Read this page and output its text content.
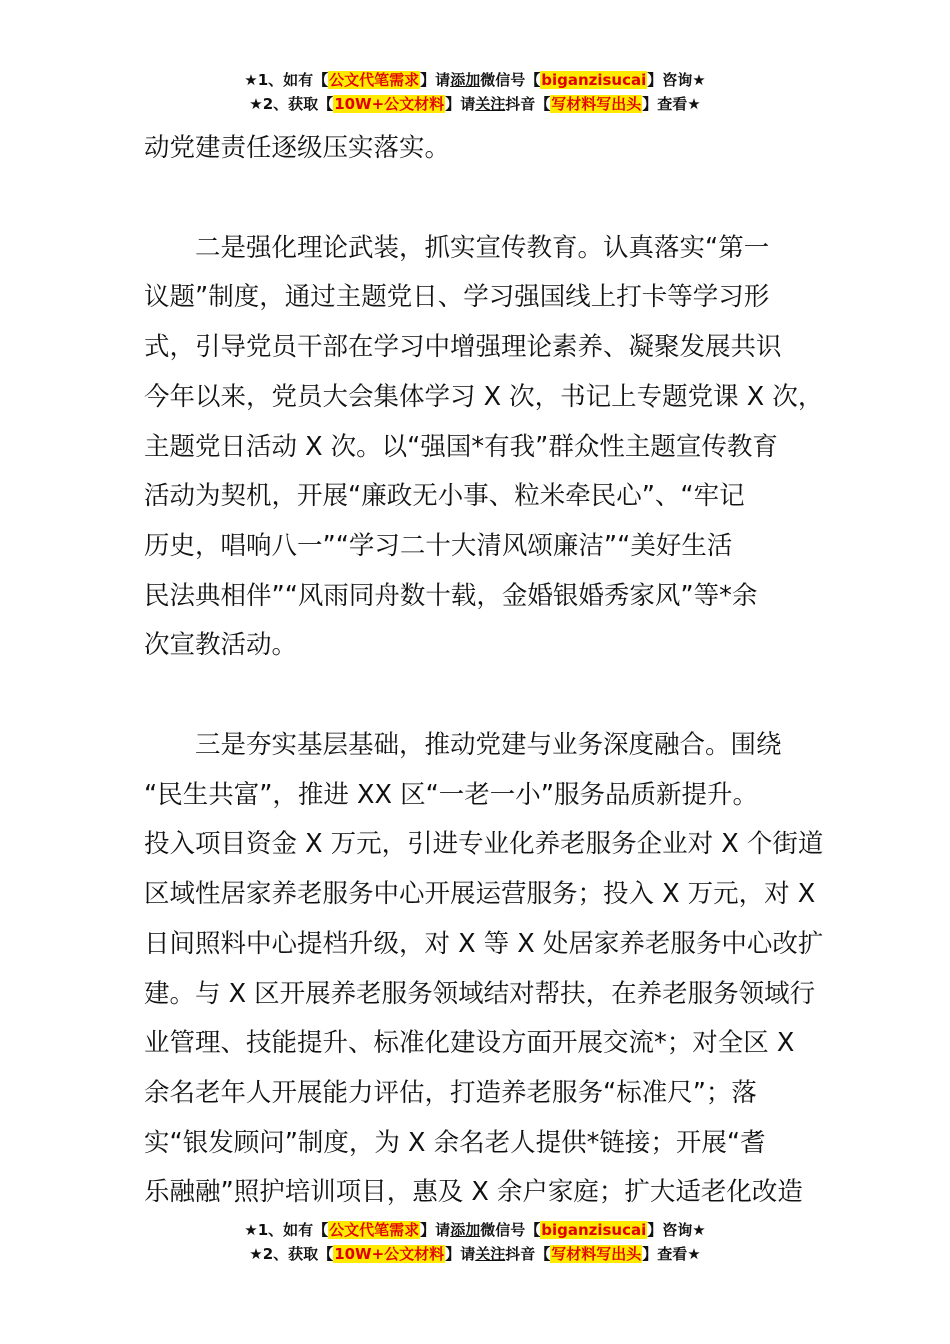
★1、如有【公文代笔需求】请添加微信号【biganzisucai】咨询★
★2、获取【10W+公文材料】请关注抖音【写材料写出头】查看★

动党建责任逐级压实落实。

二是强化理论武装，抓实宣传教育。认真落实“第一
议题”制度，通过主题党日、学习强国线上打卡等学习形
式，引导党员干部在学习中增强理论素养、凝聚发展共识
今年以来，党员大会集体学习 X 次，书记上专题党课 X 次，
主题党日活动 X 次。以“强国*有我”群众性主题宣传教育
活动为契机，开展“廉政无小事、粒米牵民心”、“牢记
历史，唱响八一”“学习二十大清风颂廉洁”“美好生活
民法典相伴”“风雨同舟数十载，金婚银婚秀家风”等*余
次宣教活动。

三是夯实基层基础，推动党建与业务深度融合。围绕
“民生共富”，推进 XX 区“一老一小”服务品质新提升。
投入项目资金 X 万元，引进专业化养老服务企业对 X 个街道
区域性居家养老服务中心开展运营服务；投入 X 万元，对 X
日间照料中心提档升级，对 X 等 X 处居家养老服务中心改扩
建。与 X 区开展养老服务领域结对帮扶，在养老服务领域行
业管理、技能提升、标准化建设方面开展交流*；对全区 X
余名老年人开展能力评估，打造养老服务“标准尺”；落
实“银发顾问”制度，为 X 余名老人提供*链接；开展“耆
乐融融”照护培训项目，惠及 X 余户家庭；扩大适老化改造

★1、如有【公文代笔需求】请添加微信号【biganzisucai】咨询★
★2、获取【10W+公文材料】请关注抖音【写材料写出头】查看★
